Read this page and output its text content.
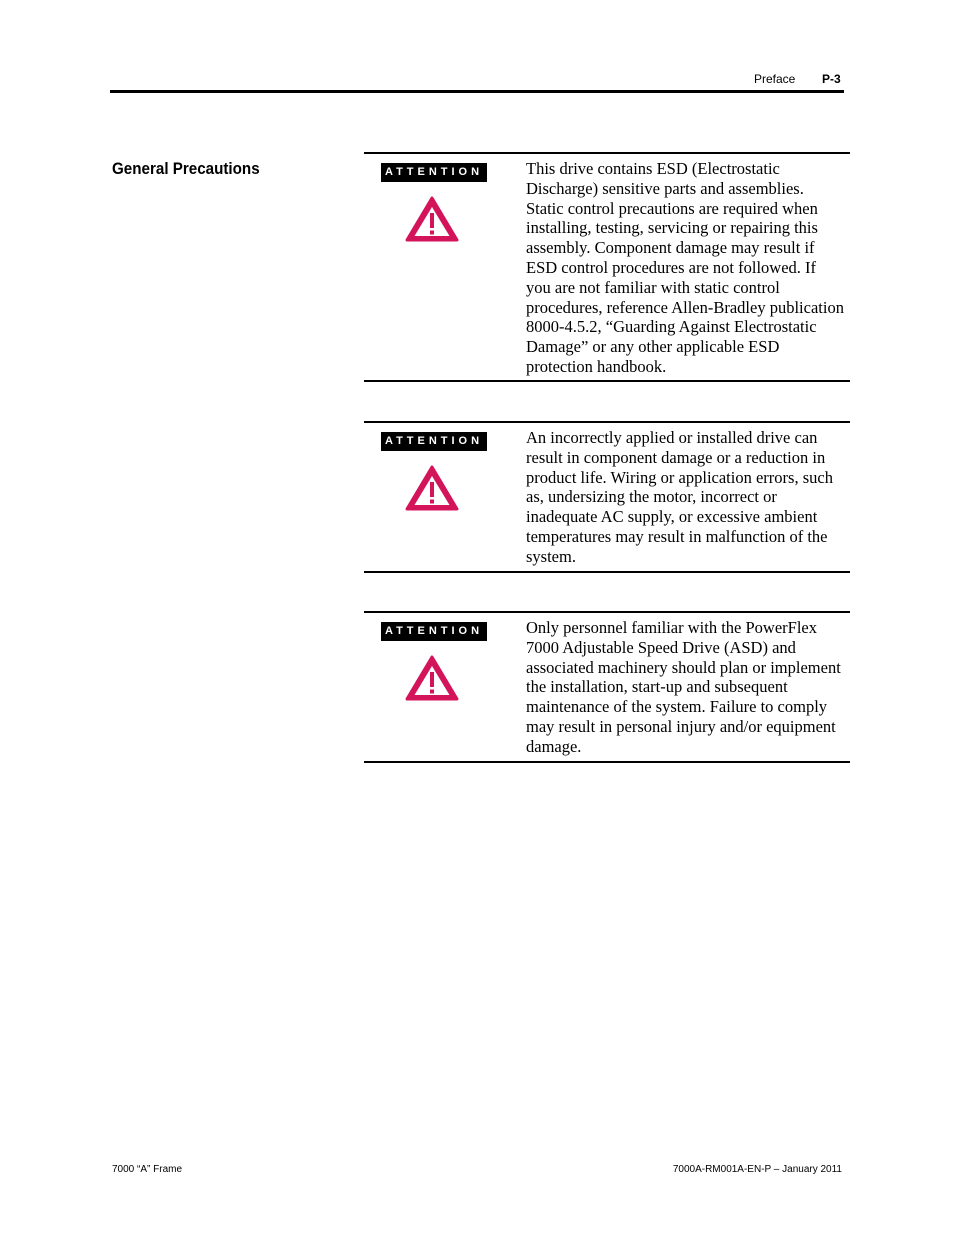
Preface P-3
General Precautions	ATTENTION	This drive contains ESD (Electrostatic Discharge) sensitive parts and assemblies. Static control precautions are required when installing, testing, servicing or repairing this assembly. Component damage may result if ESD control procedures are not followed. If you are not familiar with static control procedures, reference Allen-Bradley publication 8000-4.5.2, “Guarding Against Electrostatic Damage” or any other applicable ESD protection handbook.
ATTENTION	An incorrectly applied or installed drive can result in component damage or a reduction in product life. Wiring or application errors, such as, undersizing the motor, incorrect or inadequate AC supply, or excessive ambient temperatures may result in malfunction of the system.
ATTENTION	Only personnel familiar with the PowerFlex 7000 Adjustable Speed Drive (ASD) and associated machinery should plan or implement the installation, start-up and subsequent maintenance of the system. Failure to comply may result in personal injury and/or equipment damage.
7000 “A” Frame	7000A-RM001A-EN-P – January 2011
